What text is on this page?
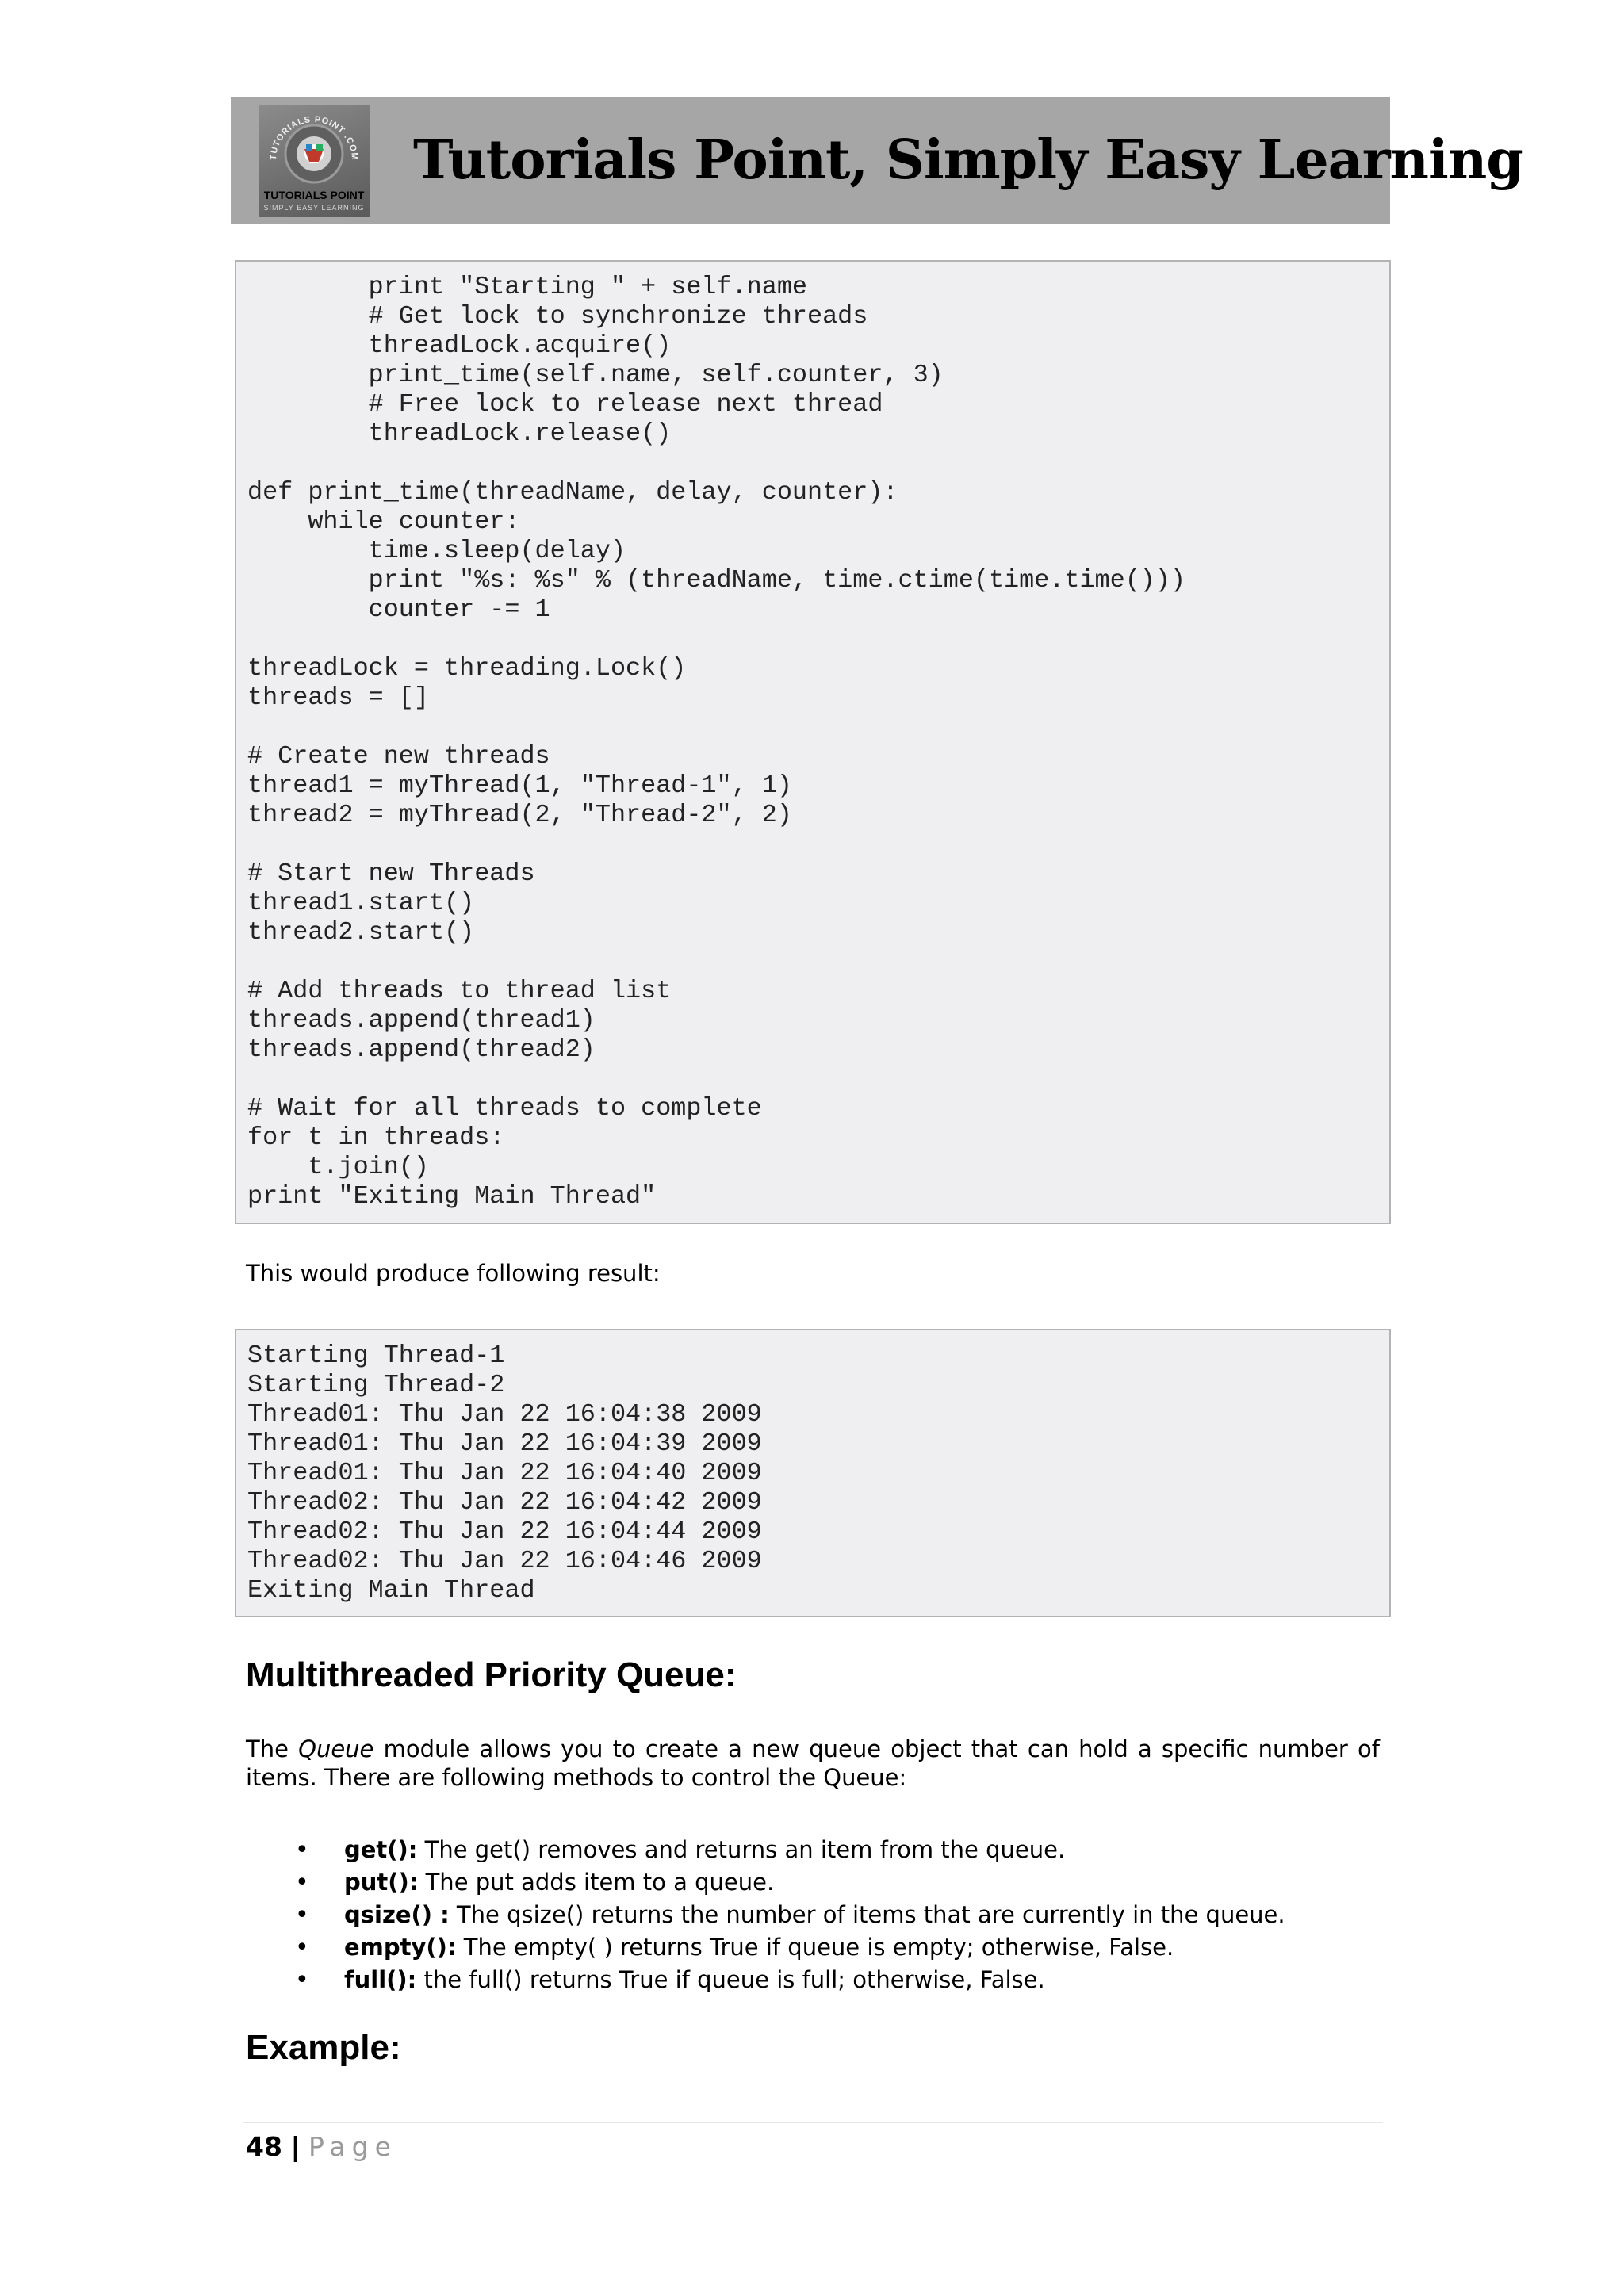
TUTORIALS POINT .COM
TUTORIALS POINT
SIMPLY EASY LEARNING
Tutorials Point, Simply Easy Learning
print "Starting " + self.name
# Get lock to synchronize threads
threadLock.acquire()
print_time(self.name, self.counter, 3)
# Free lock to release next thread
threadLock.release()

def print_time(threadName, delay, counter):
while counter:
time.sleep(delay)
print "%s: %s" % (threadName, time.ctime(time.time()))
counter -= 1

threadLock = threading.Lock()
threads = []

# Create new threads
thread1 = myThread(1, "Thread-1", 1)
thread2 = myThread(2, "Thread-2", 2)

# Start new Threads
thread1.start()
thread2.start()

# Add threads to thread list
threads.append(thread1)
threads.append(thread2)

# Wait for all threads to complete
for t in threads:
t.join()
print "Exiting Main Thread"
This would produce following result:
Starting Thread-1
Starting Thread-2
Thread01: Thu Jan 22 16:04:38 2009
Thread01: Thu Jan 22 16:04:39 2009
Thread01: Thu Jan 22 16:04:40 2009
Thread02: Thu Jan 22 16:04:42 2009
Thread02: Thu Jan 22 16:04:44 2009
Thread02: Thu Jan 22 16:04:46 2009
Exiting Main Thread
Multithreaded Priority Queue:
The Queue module allows you to create a new queue object that can hold a specific number of items. There are following methods to control the Queue:
• get(): The get() removes and returns an item from the queue.
• put(): The put adds item to a queue.
• qsize() : The qsize() returns the number of items that are currently in the queue.
• empty(): The empty( ) returns True if queue is empty; otherwise, False.
• full(): the full() returns True if queue is full; otherwise, False.
Example:
48 | Page
